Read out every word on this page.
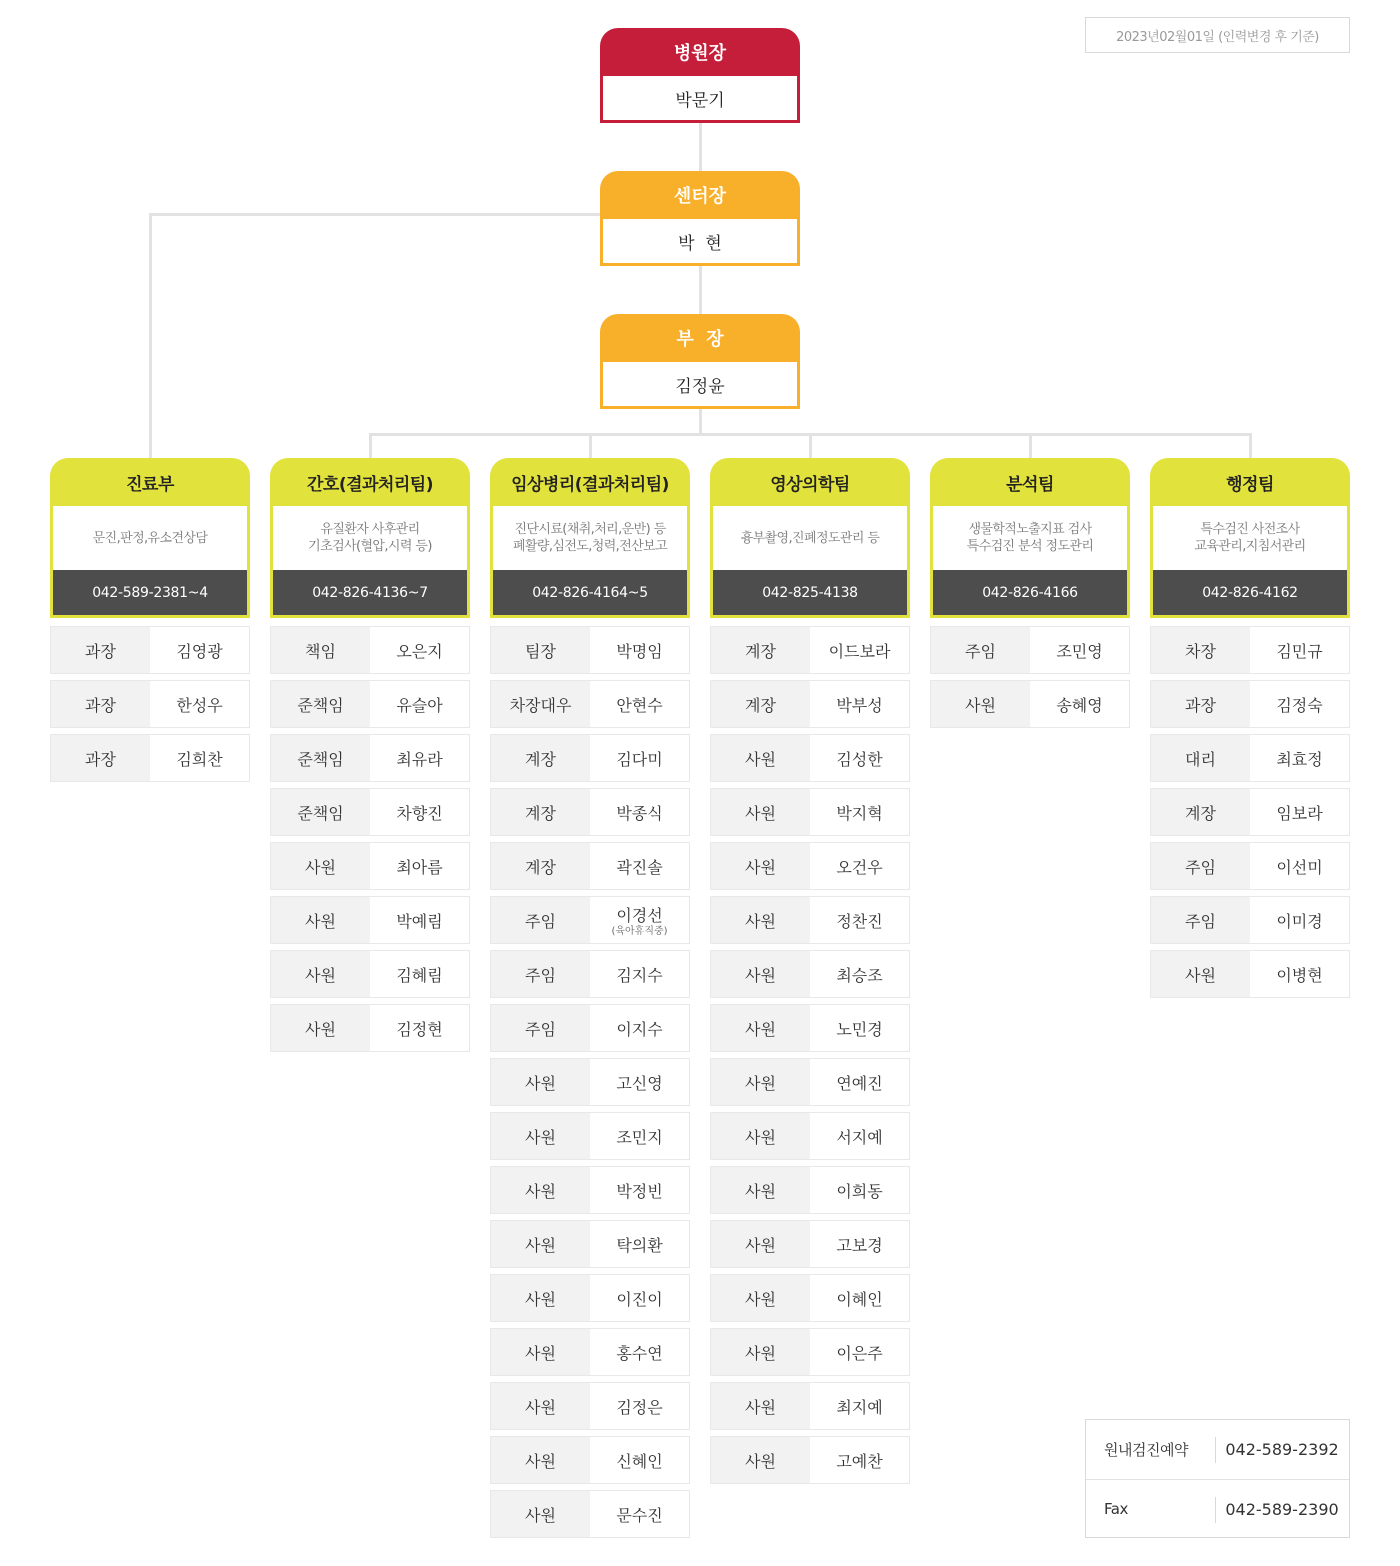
2023년02월01일 (인력변경 후 기준)
병원장
박문기
센터장
박  현
부  장
김정윤
진료부
문진,판정,유소견상담
042-589-2381~4
과장	김영광
과장	한성우
과장	김희찬
간호(결과처리팀)
유질환자 사후관리
기초검사(혈압,시력 등)
042-826-4136~7
책임	오은지
준책임	유슬아
준책임	최유라
준책임	차향진
사원	최아름
사원	박예림
사원	김혜림
사원	김정현
임상병리(결과처리팀)
진단시료(채취,처리,운반) 등
폐활량,심전도,청력,전산보고
042-826-4164~5
팀장	박명임
차장대우	안현수
계장	김다미
계장	박종식
계장	곽진솔
주임	이경선
(육아휴직중)
주임	김지수
주임	이지수
사원	고신영
사원	조민지
사원	박정빈
사원	탁의환
사원	이진이
사원	홍수연
사원	김정은
사원	신혜인
사원	문수진
영상의학팀
흉부촬영,진폐정도관리 등
042-825-4138
계장	이드보라
계장	박부성
사원	김성한
사원	박지혁
사원	오건우
사원	정찬진
사원	최승조
사원	노민경
사원	연예진
사원	서지예
사원	이희동
사원	고보경
사원	이혜인
사원	이은주
사원	최지예
사원	고예찬
분석팀
생물학적노출지표 검사
특수검진 분석 정도관리
042-826-4166
주임	조민영
사원	송혜영
행정팀
특수검진 사전조사
교육관리,지침서관리
042-826-4162
차장	김민규
과장	김정숙
대리	최효정
계장	임보라
주임	이선미
주임	이미경
사원	이병현
원내검진예약	042-589-2392
Fax	042-589-2390
